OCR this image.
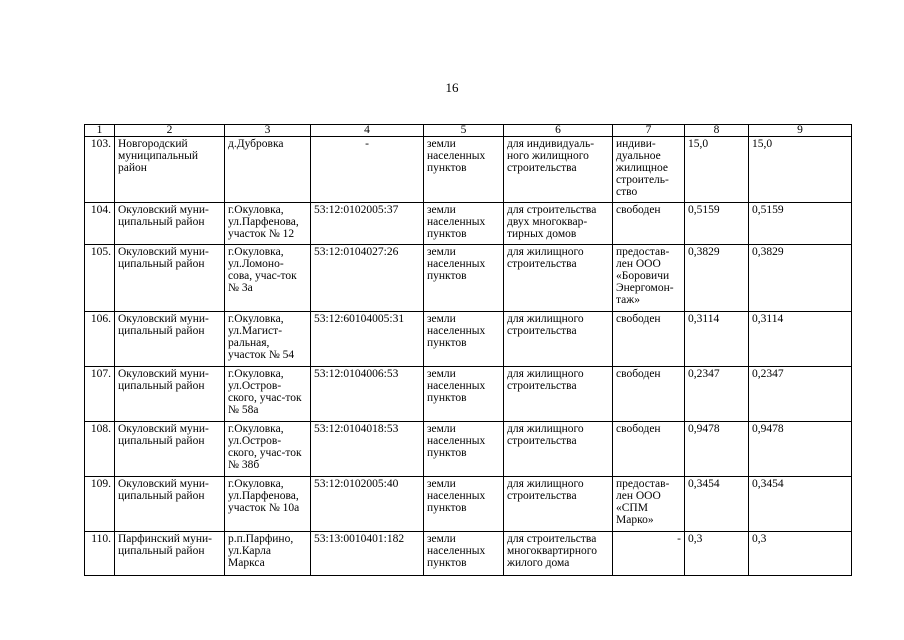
16
1	2	3	4	5	6	7	8	9
103.	Новгородский муниципальный район	д.Дубровка	-	земли населенных пунктов	для индивидуаль-ного жилищного строительства	индиви-дуальное жилищное строитель-ство	15,0	15,0
104.	Окуловский муни-ципальный район	г.Окуловка, ул.Парфенова, участок № 12	53:12:0102005:37	земли населенных пунктов	для строительства двух многоквар-тирных домов	свободен	0,5159	0,5159
105.	Окуловский муни-ципальный район	г.Окуловка, ул.Ломоно-сова, учас-ток № 3а	53:12:0104027:26	земли населенных пунктов	для жилищного строительства	предостав-лен ООО «Боровичи Энергомон-таж»	0,3829	0,3829
106.	Окуловский муни-ципальный район	г.Окуловка, ул.Магист-ральная, участок № 54	53:12:60104005:31	земли населенных пунктов	для жилищного строительства	свободен	0,3114	0,3114
107.	Окуловский муни-ципальный район	г.Окуловка, ул.Остров-ского, учас-ток № 58а	53:12:0104006:53	земли населенных пунктов	для жилищного строительства	свободен	0,2347	0,2347
108.	Окуловский муни-ципальный район	г.Окуловка, ул.Остров-ского, учас-ток № 38б	53:12:0104018:53	земли населенных пунктов	для жилищного строительства	свободен	0,9478	0,9478
109.	Окуловский муни-ципальный район	г.Окуловка, ул.Парфенова, участок № 10а	53:12:0102005:40	земли населенных пунктов	для жилищного строительства	предостав-лен ООО «СПМ Марко»	0,3454	0,3454
110.	Парфинский муни-ципальный район	р.п.Парфино, ул.Карла Маркса	53:13:0010401:182	земли населенных пунктов	для строительства многоквартирного жилого дома	-	0,3	0,3
